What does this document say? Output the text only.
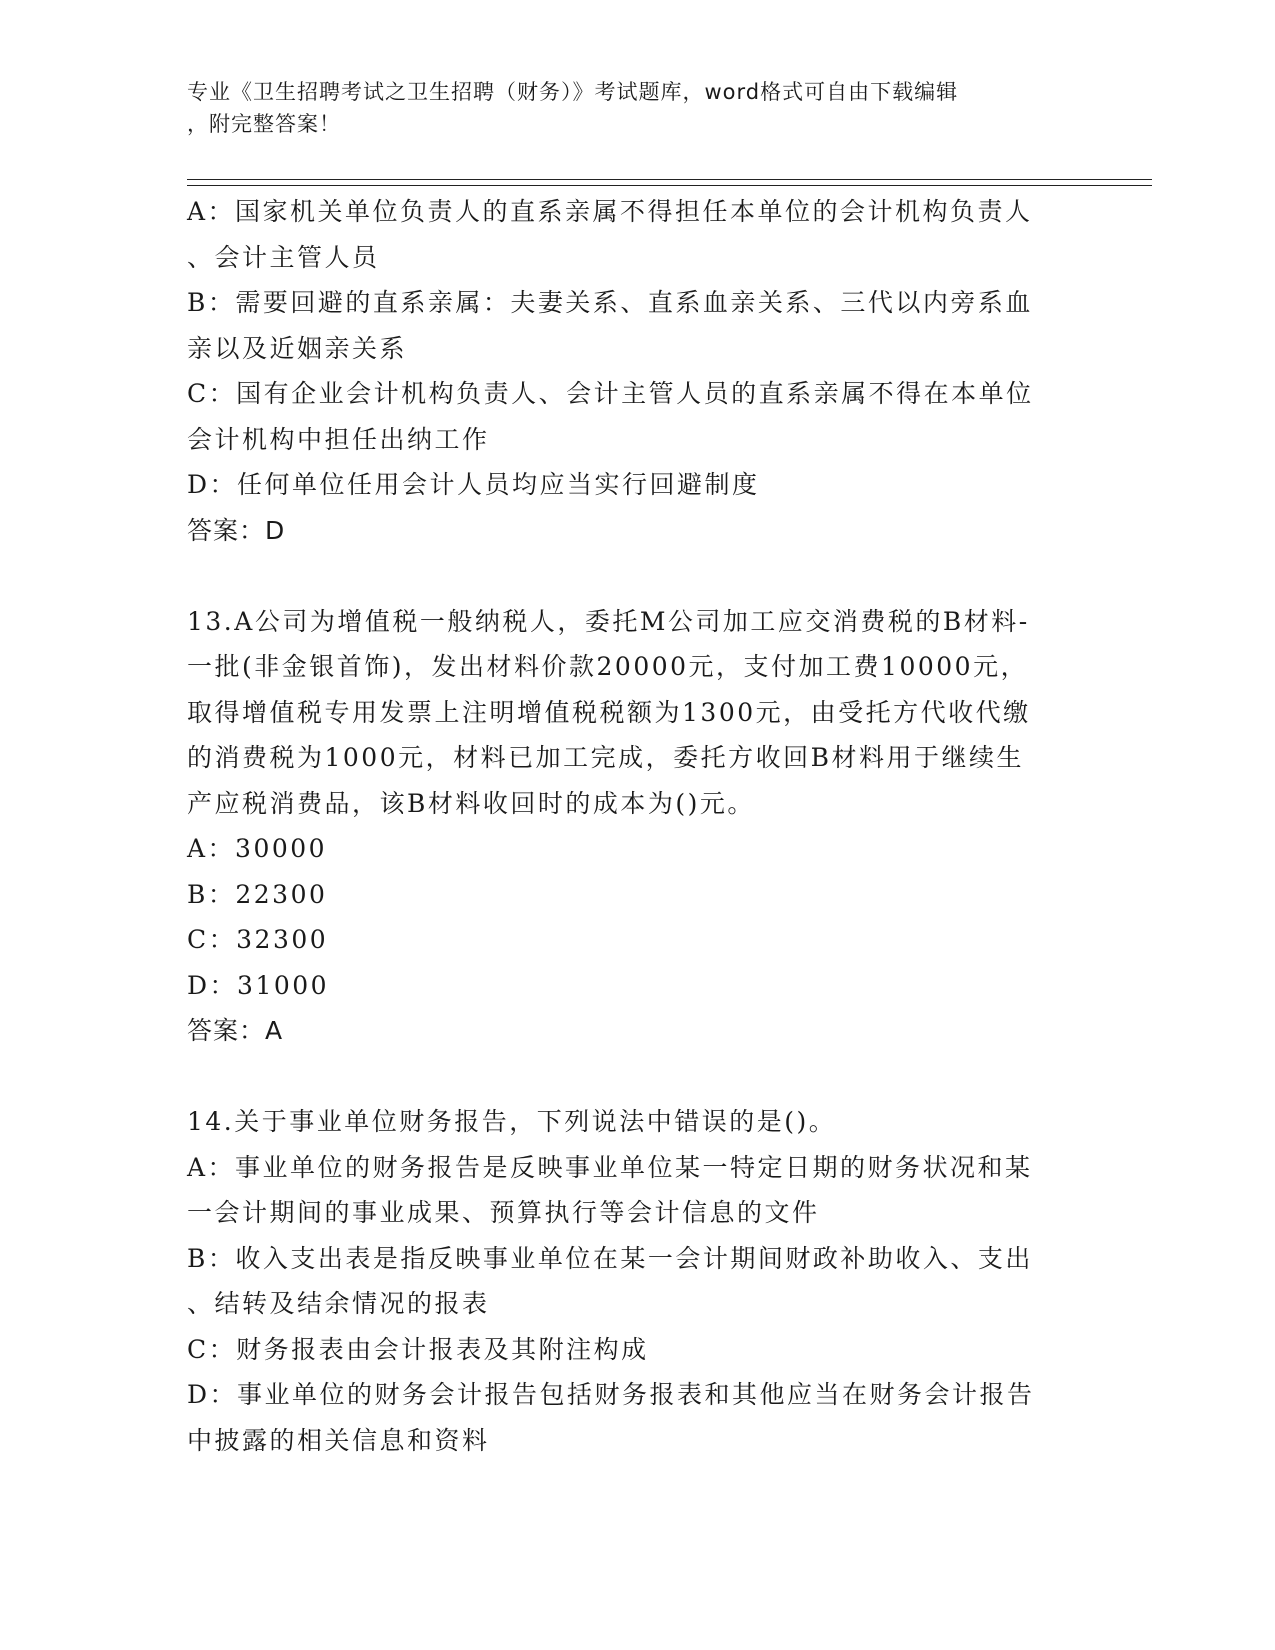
专业《卫生招聘考试之卫生招聘（财务）》考试题库，word格式可自由下载编辑
，附完整答案！
A：国家机关单位负责人的直系亲属不得担任本单位的会计机构负责人
、会计主管人员
B：需要回避的直系亲属：夫妻关系、直系血亲关系、三代以内旁系血
亲以及近姻亲关系
C：国有企业会计机构负责人、会计主管人员的直系亲属不得在本单位
会计机构中担任出纳工作
D：任何单位任用会计人员均应当实行回避制度
答案：D
13.A公司为增值税一般纳税人，委托M公司加工应交消费税的B材料-
一批(非金银首饰)，发出材料价款20000元，支付加工费10000元，
取得增值税专用发票上注明增值税税额为1300元，由受托方代收代缴
的消费税为1000元，材料已加工完成，委托方收回B材料用于继续生
产应税消费品，该B材料收回时的成本为()元。
A：30000
B：22300
C：32300
D：31000
答案：A
14.关于事业单位财务报告，下列说法中错误的是()。
A：事业单位的财务报告是反映事业单位某一特定日期的财务状况和某
一会计期间的事业成果、预算执行等会计信息的文件
B：收入支出表是指反映事业单位在某一会计期间财政补助收入、支出
、结转及结余情况的报表
C：财务报表由会计报表及其附注构成
D：事业单位的财务会计报告包括财务报表和其他应当在财务会计报告
中披露的相关信息和资料
